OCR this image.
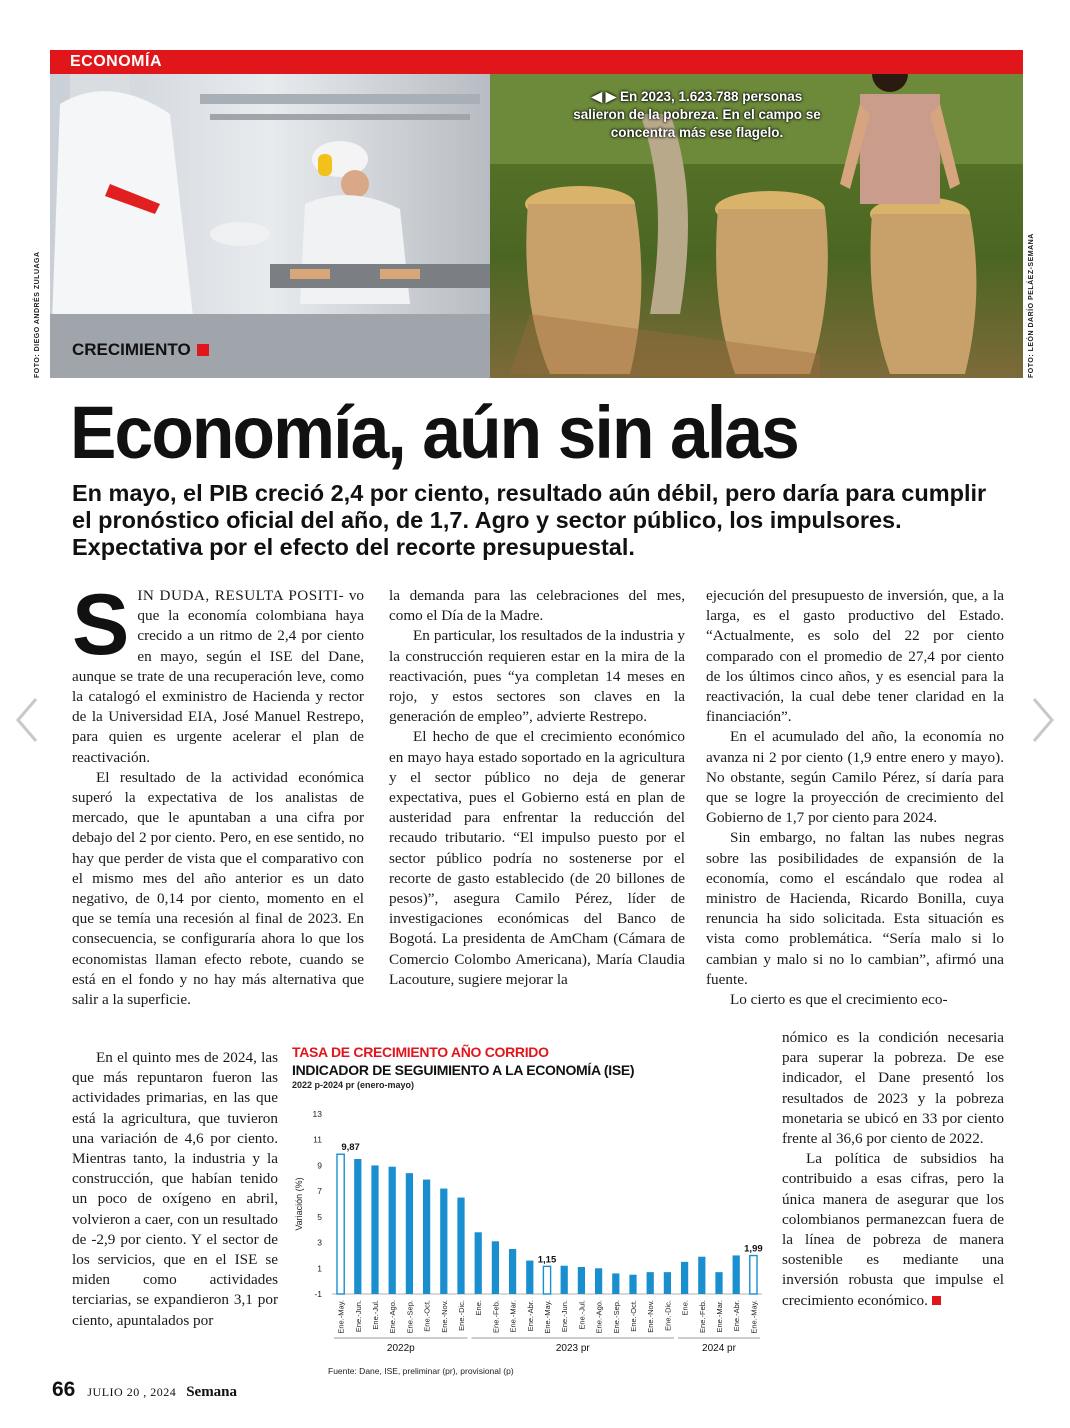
ECONOMÍA
FOTO: DIEGO ANDRÉS ZULUAGA	FOTO: LEÓN DARÍO PELÁEZ-SEMANA
◀ ▶ En 2023, 1.623.788 personas salieron de la pobreza. En el campo se concentra más ese flagelo.
CRECIMIENTO
Economía, aún sin alas
En mayo, el PIB creció 2,4 por ciento, resultado aún débil, pero daría para cumplir el pronóstico oficial del año, de 1,7. Agro y sector público, los impulsores. Expectativa por el efecto del recorte presupuestal.

SIN DUDA, RESULTA POSITI- vo que la economía colombiana haya crecido a un ritmo de 2,4 por ciento en mayo, según el ISE del Dane, aunque se trate de una recuperación leve, como la catalogó el exministro de Hacienda y rector de la Universidad EIA, José Manuel Restrepo, para quien es urgente acelerar el plan de reactivación.

El resultado de la actividad económica superó la expectativa de los analistas de mercado, que le apuntaban a una cifra por debajo del 2 por ciento. Pero, en ese sentido, no hay que perder de vista que el comparativo con el mismo mes del año anterior es un dato negativo, de 0,14 por ciento, momento en el que se temía una recesión al final de 2023. En consecuencia, se configuraría ahora lo que los economistas llaman efecto rebote, cuando se está en el fondo y no hay más alternativa que salir a la superficie.

En el quinto mes de 2024, las que más repuntaron fueron las actividades primarias, en las que está la agricultura, que tuvieron una variación de 4,6 por ciento. Mientras tanto, la industria y la construcción, que habían tenido un poco de oxígeno en abril, volvieron a caer, con un resultado de -2,9 por ciento. Y el sector de los servicios, que en el ISE se miden como actividades terciarias, se expandieron 3,1 por ciento, apuntalados por

la demanda para las celebraciones del mes, como el Día de la Madre.

En particular, los resultados de la industria y la construcción requieren estar en la mira de la reactivación, pues “ya completan 14 meses en rojo, y estos sectores son claves en la generación de empleo”, advierte Restrepo.

El hecho de que el crecimiento económico en mayo haya estado soportado en la agricultura y el sector público no deja de generar expectativa, pues el Gobierno está en plan de austeridad para enfrentar la reducción del recaudo tributario. “El impulso puesto por el sector público podría no sostenerse por el recorte de gasto establecido (de 20 billones de pesos)”, asegura Camilo Pérez, líder de investigaciones económicas del Banco de Bogotá. La presidenta de AmCham (Cámara de Comercio Colombo Americana), María Claudia Lacouture, sugiere mejorar la

ejecución del presupuesto de inversión, que, a la larga, es el gasto productivo del Estado. “Actualmente, es solo del 22 por ciento comparado con el promedio de 27,4 por ciento de los últimos cinco años, y es esencial para la reactivación, la cual debe tener claridad en la financiación”.

En el acumulado del año, la economía no avanza ni 2 por ciento (1,9 entre enero y mayo). No obstante, según Camilo Pérez, sí daría para que se logre la proyección de crecimiento del Gobierno de 1,7 por ciento para 2024.

Sin embargo, no faltan las nubes negras sobre las posibilidades de expansión de la economía, como el escándalo que rodea al ministro de Hacienda, Ricardo Bonilla, cuya renuncia ha sido solicitada. Esta situación es vista como problemática. “Sería malo si lo cambian y malo si no lo cambian”, afirmó una fuente.

Lo cierto es que el crecimiento eco-

nómico es la condición necesaria para superar la pobreza. De ese indicador, el Dane presentó los resultados de 2023 y la pobreza monetaria se ubicó en 33 por ciento frente al 36,6 por ciento de 2022.

La política de subsidios ha contribuido a esas cifras, pero la única manera de asegurar que los colombianos permanezcan fuera de la línea de pobreza de manera sostenible es mediante una inversión robusta que impulse el crecimiento económico.

TASA DE CRECIMIENTO AÑO CORRIDO
INDICADOR DE SEGUIMIENTO A LA ECONOMÍA (ISE)
2022 p-2024 pr (enero-mayo)
Variación (%)
13
11
9
7
5
3
1
-1
9,87
Ene.-May. Ene.-Jun. Ene.-Jul. Ene.-Ago. Ene.-Sep. Ene.-Oct. Ene.-Nov. Ene.-Dic. Ene. Ene.-Feb. Ene.-Mar. Ene.-Abr.
1,15
Ene.-May. Ene.-Jun. Ene.-Jul. Ene.-Ago. Ene.-Sep. Ene.-Oct. Ene.-Nov. Ene.-Dic. Ene. Ene.-Feb. Ene.-Mar. Ene.-Abr.
1,99
Ene.-May.
2022p	2023 pr	2024 pr
Fuente: Dane, ISE, preliminar (pr), provisional (p)
66 JULIO 20 , 2024 Semana
